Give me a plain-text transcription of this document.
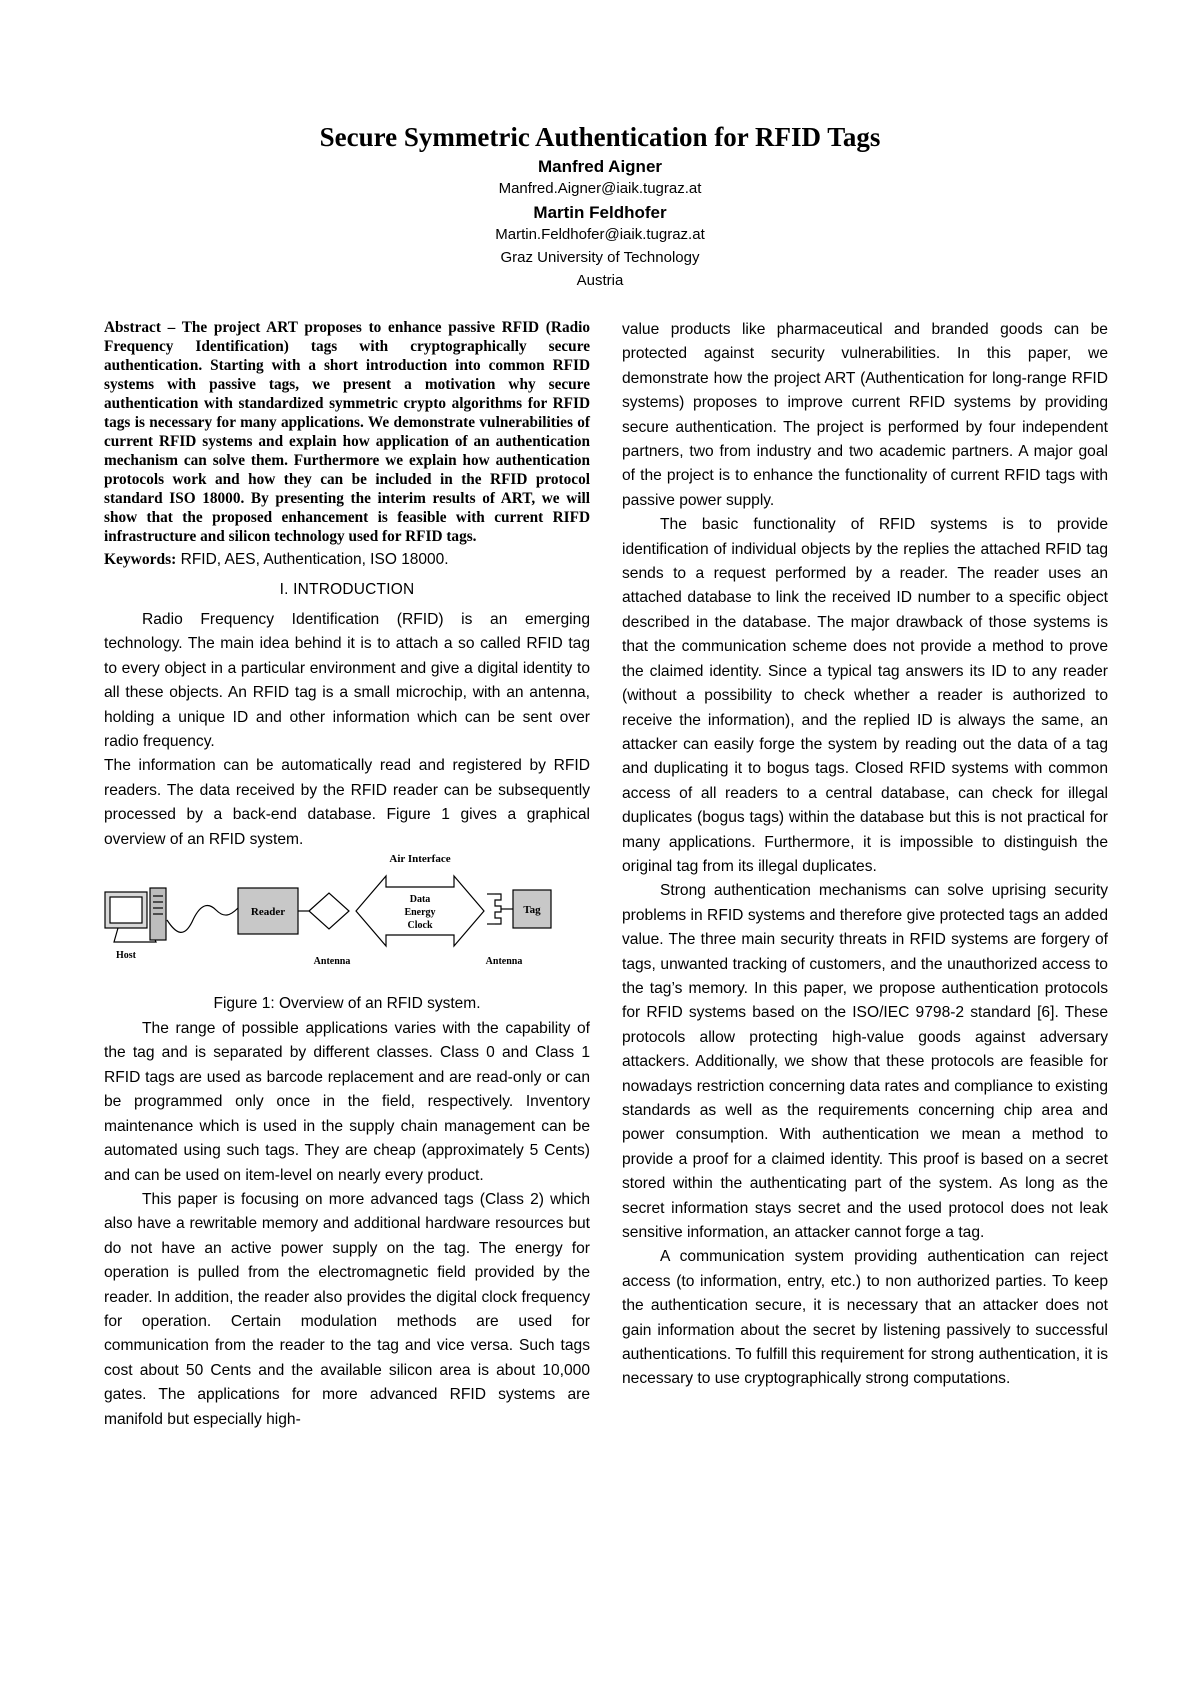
Secure Symmetric Authentication for RFID Tags
Manfred Aigner
Manfred.Aigner@iaik.tugraz.at
Martin Feldhofer
Martin.Feldhofer@iaik.tugraz.at
Graz University of Technology
Austria

Abstract – The project ART proposes to enhance passive RFID (Radio Frequency Identification) tags with cryptographically secure authentication. Starting with a short introduction into common RFID systems with passive tags, we present a motivation why secure authentication with standardized symmetric crypto algorithms for RFID tags is necessary for many applications. We demonstrate vulnerabilities of current RFID systems and explain how application of an authentication mechanism can solve them. Furthermore we explain how authentication protocols work and how they can be included in the RFID protocol standard ISO 18000. By presenting the interim results of ART, we will show that the proposed enhancement is feasible with current RIFD infrastructure and silicon technology used for RFID tags.

Keywords: RFID, AES, Authentication, ISO 18000.

I. INTRODUCTION

Radio Frequency Identification (RFID) is an emerging technology. The main idea behind it is to attach a so called RFID tag to every object in a particular environment and give a digital identity to all these objects. An RFID tag is a small microchip, with an antenna, holding a unique ID and other information which can be sent over radio frequency.

The information can be automatically read and registered by RFID readers. The data received by the RFID reader can be subsequently processed by a back-end database. Figure 1 gives a graphical overview of an RFID system.

Air Interface
Reader	Tag
Data
Energy
Clock
Host
Antenna	Antenna
Figure 1: Overview of an RFID system.

The range of possible applications varies with the capability of the tag and is separated by different classes. Class 0 and Class 1 RFID tags are used as barcode replacement and are read-only or can be programmed only once in the field, respectively. Inventory maintenance which is used in the supply chain management can be automated using such tags. They are cheap (approximately 5 Cents) and can be used on item-level on nearly every product.

This paper is focusing on more advanced tags (Class 2) which also have a rewritable memory and additional hardware resources but do not have an active power supply on the tag. The energy for operation is pulled from the electromagnetic field provided by the reader. In addition, the reader also provides the digital clock frequency for operation. Certain modulation methods are used for communication from the reader to the tag and vice versa. Such tags cost about 50 Cents and the available silicon area is about 10,000 gates. The applications for more advanced RFID systems are manifold but especially high-

value products like pharmaceutical and branded goods can be protected against security vulnerabilities. In this paper, we demonstrate how the project ART (Authentication for long-range RFID systems) proposes to improve current RFID systems by providing secure authentication. The project is performed by four independent partners, two from industry and two academic partners. A major goal of the project is to enhance the functionality of current RFID tags with passive power supply.

The basic functionality of RFID systems is to provide identification of individual objects by the replies the attached RFID tag sends to a request performed by a reader. The reader uses an attached database to link the received ID number to a specific object described in the database. The major drawback of those systems is that the communication scheme does not provide a method to prove the claimed identity. Since a typical tag answers its ID to any reader (without a possibility to check whether a reader is authorized to receive the information), and the replied ID is always the same, an attacker can easily forge the system by reading out the data of a tag and duplicating it to bogus tags. Closed RFID systems with common access of all readers to a central database, can check for illegal duplicates (bogus tags) within the database but this is not practical for many applications. Furthermore, it is impossible to distinguish the original tag from its illegal duplicates.

Strong authentication mechanisms can solve uprising security problems in RFID systems and therefore give protected tags an added value. The three main security threats in RFID systems are forgery of tags, unwanted tracking of customers, and the unauthorized access to the tag’s memory. In this paper, we propose authentication protocols for RFID systems based on the ISO/IEC 9798-2 standard [6]. These protocols allow protecting high-value goods against adversary attackers. Additionally, we show that these protocols are feasible for nowadays restriction concerning data rates and compliance to existing standards as well as the requirements concerning chip area and power consumption. With authentication we mean a method to provide a proof for a claimed identity. This proof is based on a secret stored within the authenticating part of the system. As long as the secret information stays secret and the used protocol does not leak sensitive information, an attacker cannot forge a tag.

A communication system providing authentication can reject access (to information, entry, etc.) to non authorized parties. To keep the authentication secure, it is necessary that an attacker does not gain information about the secret by listening passively to successful authentications. To fulfill this requirement for strong authentication, it is necessary to use cryptographically strong computations.
